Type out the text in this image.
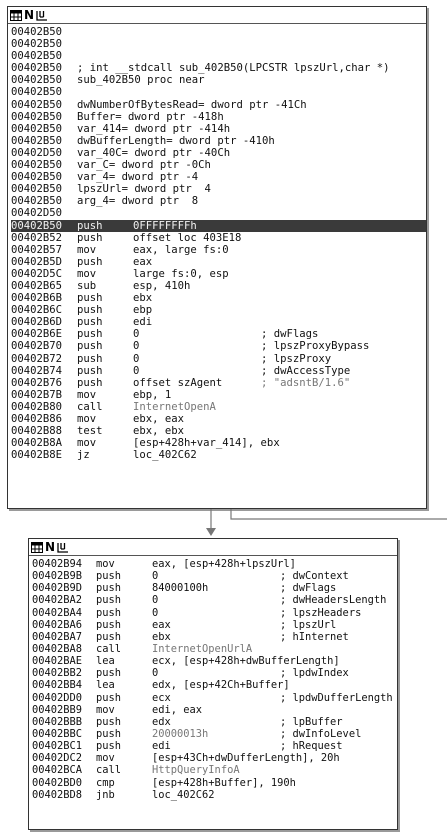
N
00402B50
00402B50
00402B50
00402B50 ; int __stdcall sub_402B50(LPCSTR lpszUrl,char *)
00402B50 sub_402B50 proc near
00402B50
00402B50 dwNumberOfBytesRead= dword ptr -41Ch
00402B50 Buffer= dword ptr -418h
00402B50 var_414= dword ptr -414h
00402B50 dwBufferLength= dword ptr -410h
00402D50 var_40C= dword ptr -40Ch
00402B50 var_C= dword ptr -0Ch
00402B50 var_4= dword ptr -4
00402B50 lpszUrl= dword ptr  4
00402B50 arg_4= dword ptr  8
00402D50
00402B50 push	0FFFFFFFFh
00402B52 push	offset loc 403E18
00402B57 mov	eax, large fs:0
00402B5D push	eax
00402D5C mov	large fs:0, esp
00402B65 sub	esp, 410h
00402B6B push	ebx
00402B6C push	ebp
00402B6D push	edi
00402B6E push	0	; dwFlags
00402B70 push	0	; lpszProxyBypass
00402B72 push	0	; lpszProxy
00402B74 push	0	; dwAccessType
00402B76 push	offset szAgent	; "adsntB/1.6"
00402B7B mov	ebp, 1
00402B80 call	InternetOpenA
00402B86 mov	ebx, eax
00402B88 test	ebx, ebx
00402B8A mov	[esp+428h+var_414], ebx
00402B8E jz	loc_402C62
N
00402B94 mov	eax, [esp+428h+lpszUrl]
00402B9B push	0	; dwContext
00402B9D push	84000100h	; dwFlags
00402BA2 push	0	; dwHeadersLength
00402BA4 push	0	; lpszHeaders
00402BA6 push	eax	; lpszUrl
00402BA7 push	ebx	; hInternet
00402BA8 call	InternetOpenUrlA
00402BAE lea	ecx, [esp+428h+dwBufferLength]
00402BB2 push	0	; lpdwIndex
00402BB4 lea	edx, [esp+42Ch+Buffer]
00402DD0 push	ecx	; lpdwDufferLength
00402BB9 mov	edi, eax
00402BBB push	edx	; lpBuffer
00402BBC push	20000013h	; dwInfoLevel
00402BC1 push	edi	; hRequest
00402DC2 mov	[esp+43Ch+dwDufferLength], 20h
00402BCA call	HttpQueryInfoA
00402BD0 cmp	[esp+428h+Buffer], 190h
00402BD8 jnb	loc_402C62
